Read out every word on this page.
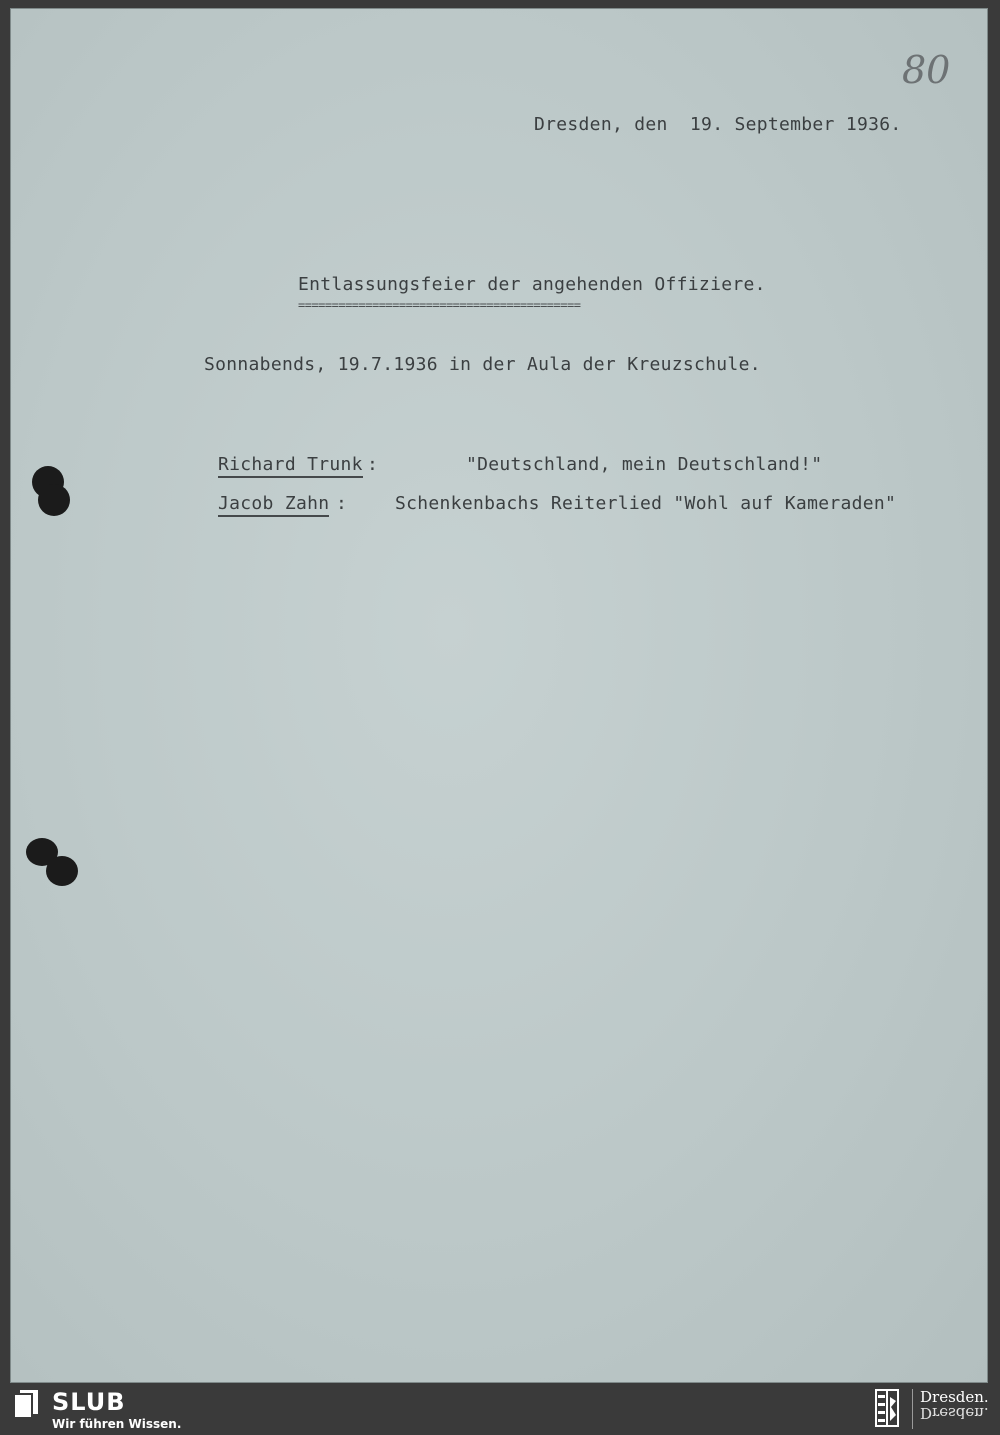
80
Dresden, den  19. September 1936.
Entlassungsfeier der angehenden Offiziere.
==========================================
Sonnabends, 19.7.1936 in der Aula der Kreuzschule.
Richard Trunk :	"Deutschland, mein Deutschland!"
Jacob Zahn :	Schenkenbachs Reiterlied "Wohl auf Kameraden"
SLUB
Wir führen Wissen.
Dresden.
Dresden.
